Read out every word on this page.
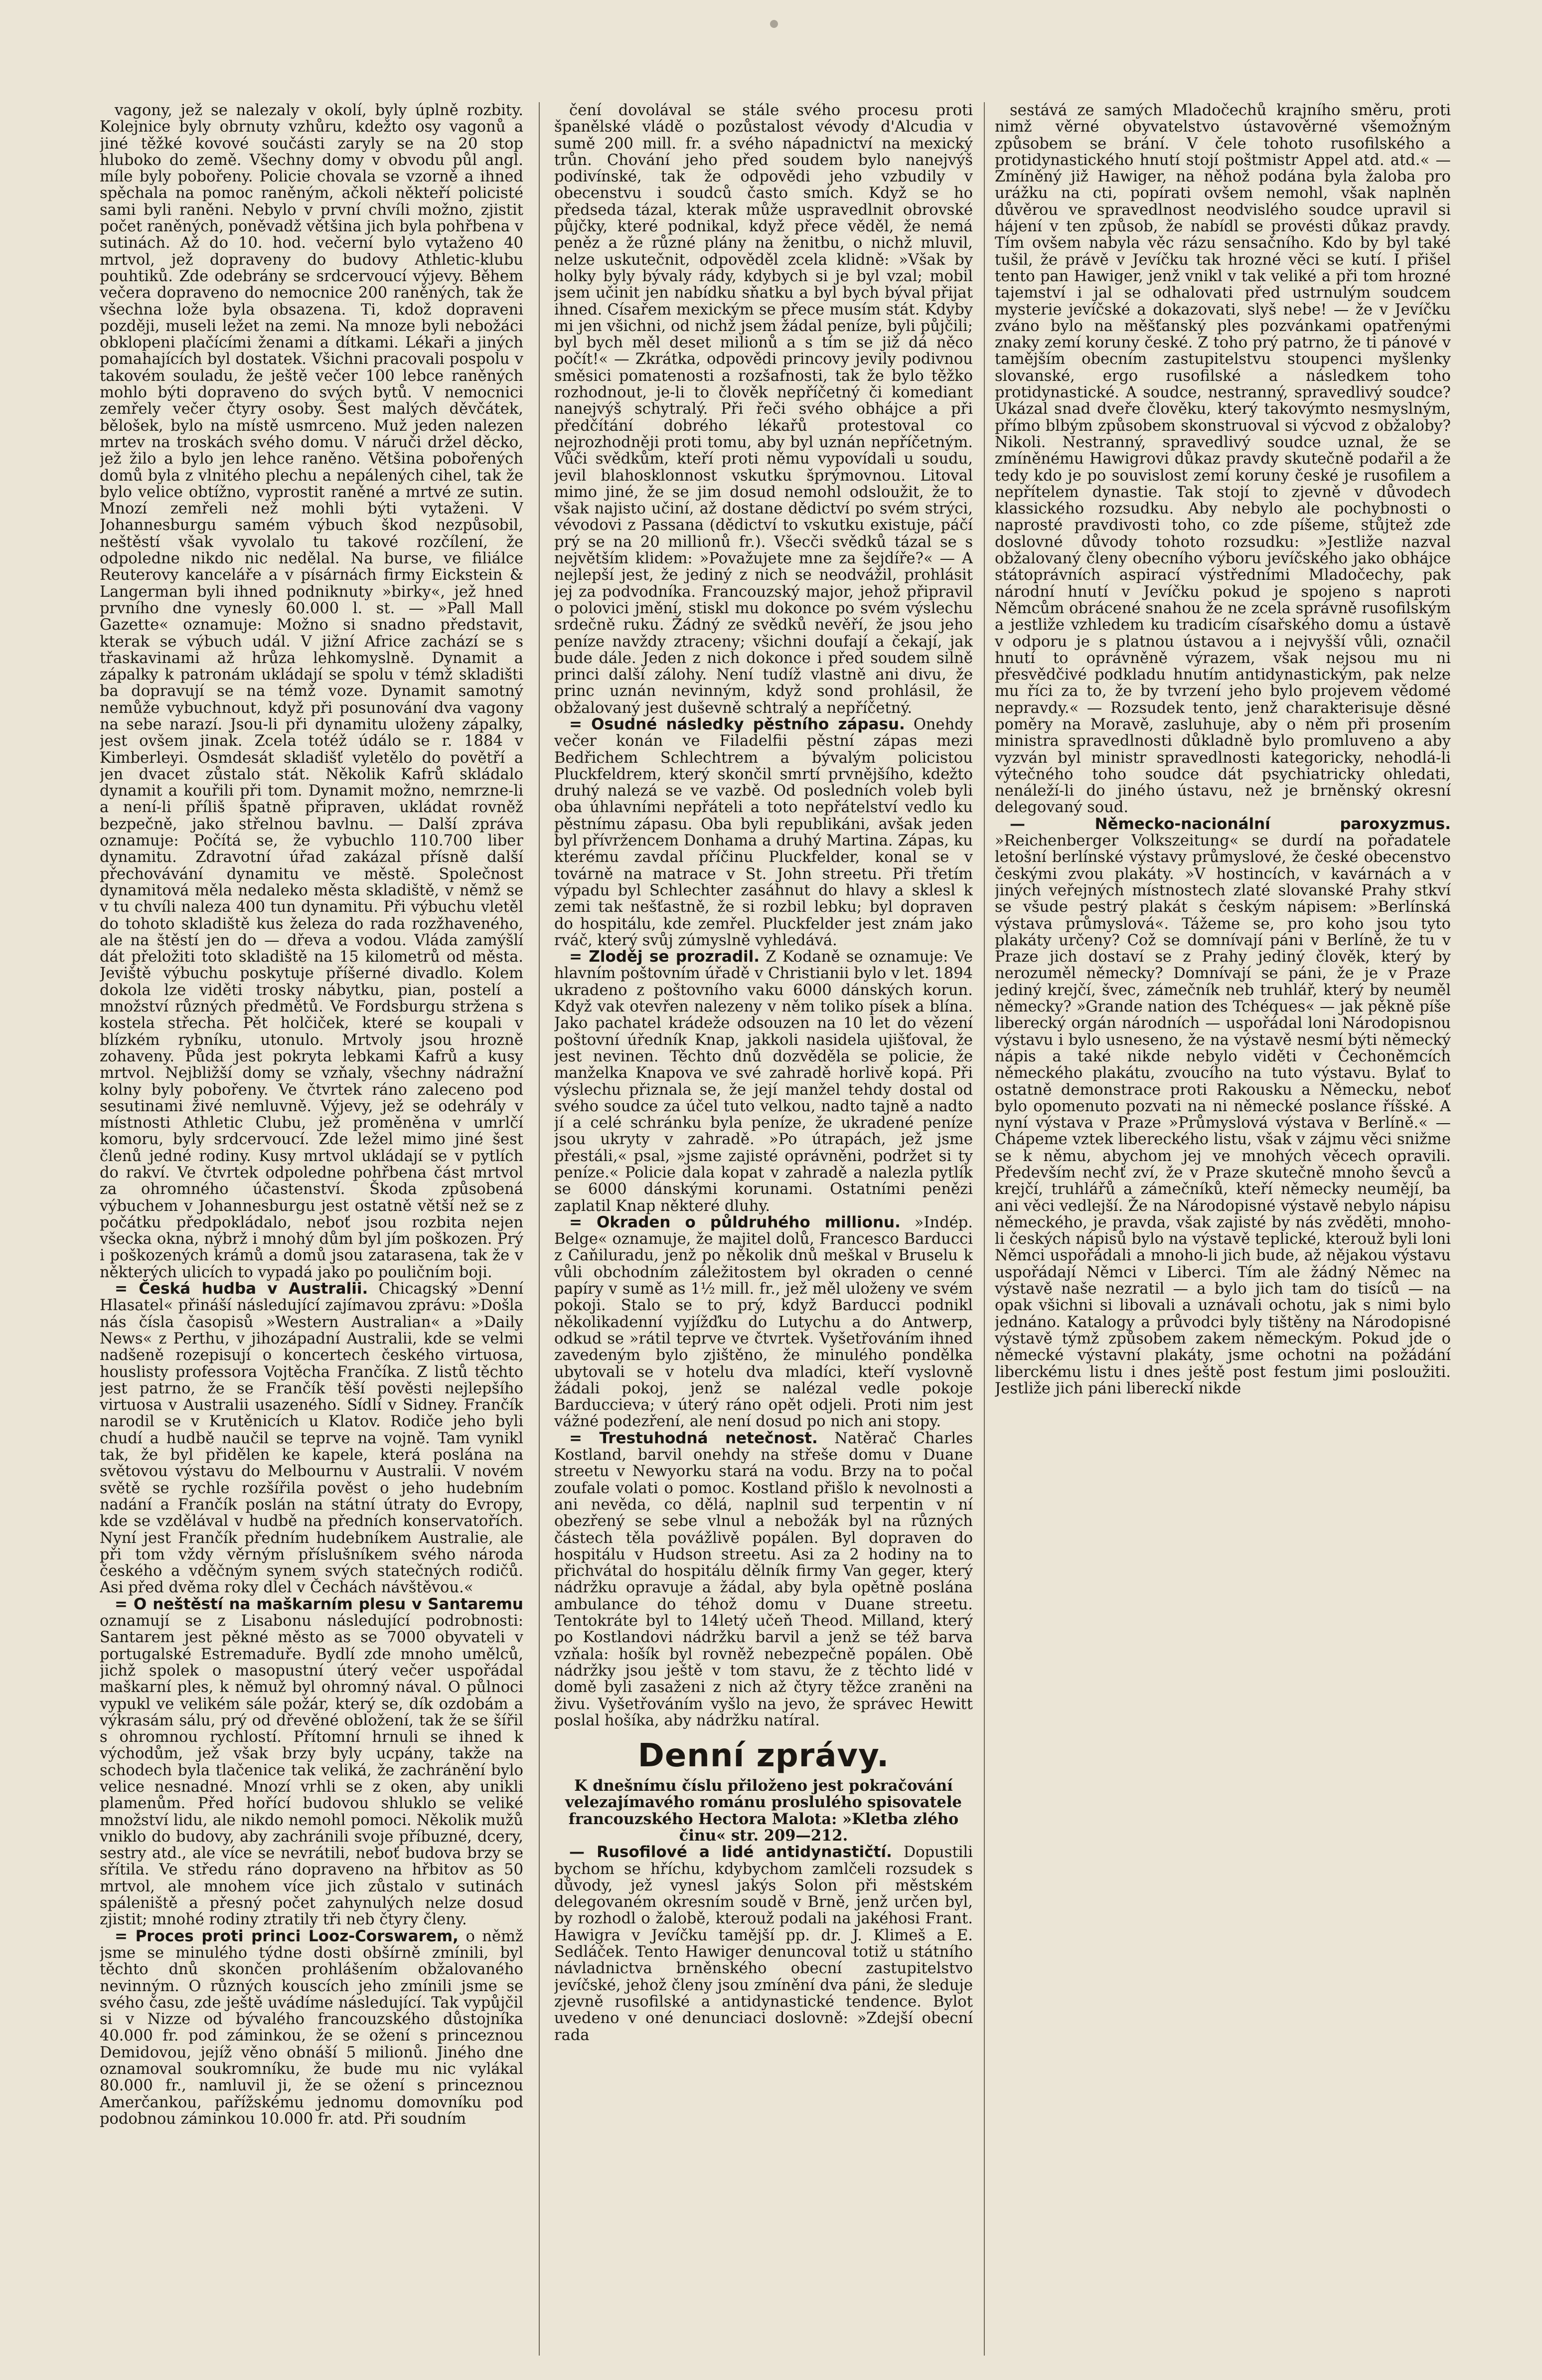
vagony, jež se nalezaly v okolí, byly úplně rozbity. Kolejnice byly obrnuty vzhůru, kdežto osy vagonů a jiné těžké kovové součásti zaryly se na 20 stop hluboko do země. Všechny domy v obvodu půl angl. míle byly pobořeny. Policie chovala se vzorně a ihned spěchala na pomoc raněným, ačkoli někteří policisté sami byli raněni. Nebylo v první chvíli možno, zjistit počet raněných, poněvadž většina jich byla pohřbena v sutinách. Až do 10. hod. večerní bylo vytaženo 40 mrtvol, jež dopraveny do budovy Athletic-klubu pouhtiků. Zde odebrány se srdcervoucí výjevy. Během večera dopraveno do nemocnice 200 raněných, tak že všechna lože byla obsazena. Ti, kdož dopraveni později, museli ležet na zemi. Na mnoze byli nebožáci obklopeni plačícími ženami a dítkami. Lékaři a jiných pomahajících byl dostatek. Všichni pracovali pospolu v takovém souladu, že ještě večer 100 lebce raněných mohlo býti dopraveno do svých bytů. V nemocnici zemřely večer čtyry osoby. Šest malých děvčátek, bělošek, bylo na místě usmrceno. Muž jeden nalezen mrtev na troskách svého domu. V náruči držel děcko, jež žilo a bylo jen lehce raněno. Většina pobořených domů byla z vlnitého plechu a nepálených cihel, tak že bylo velice obtížno, vyprostit raněné a mrtvé ze sutin. Mnozí zemřeli než mohli býti vytaženi. V Johannesburgu samém výbuch škod nezpůsobil, neštěstí však vyvolalo tu takové rozčílení, že odpoledne nikdo nic nedělal. Na burse, ve filiálce Reuterovy kanceláře a v písárnách firmy Eickstein & Langerman byli ihned podniknuty »birky«, jež hned prvního dne vynesly 60.000 l. st. — »Pall Mall Gazette« oznamuje: Možno si snadno představit, kterak se výbuch udál. V jižní Africe zachází se s třaskavinami až hrůza lehkomyslně. Dynamit a zápalky k patronám ukládají se spolu v témž skladišti ba dopravují se na témž voze. Dynamit samotný nemůže vybuchnout, když při posunování dva vagony na sebe narazí. Jsou-li při dynamitu uloženy zápalky, jest ovšem jinak. Zcela totéž údálo se r. 1884 v Kimberleyi. Osmdesát skladišť vyletělo do povětří a jen dvacet zůstalo stát. Několik Kafrů skládalo dynamit a kouřili při tom. Dynamit možno, nemrzne-li a není-li příliš špatně připraven, ukládat rovněž bezpečně, jako střelnou bavlnu. — Další zpráva oznamuje: Počítá se, že vybuchlo 110.700 liber dynamitu. Zdravotní úřad zakázal přísně další přechovávání dynamitu ve městě. Společnost dynamitová měla nedaleko města skladiště, v němž se v tu chvíli naleza 400 tun dynamitu. Při výbuchu vletěl do tohoto skladiště kus železa do rada rozžhaveného, ale na štěstí jen do — dřeva a vodou. Vláda zamýšlí dát přeložiti toto skladiště na 15 kilometrů od města. Jeviště výbuchu poskytuje příšerné divadlo. Kolem dokola lze viděti trosky nábytku, pian, postelí a množství různých předmětů. Ve Fordsburgu stržena s kostela střecha. Pět holčiček, které se koupali v blízkém rybníku, utonulo. Mrtvoly jsou hrozně zohaveny. Půda jest pokryta lebkami Kafrů a kusy mrtvol. Nejbližší domy se vzňaly, všechny nádražní kolny byly pobořeny. Ve čtvrtek ráno zaleceno pod sesutinami živé nemluvně. Výjevy, jež se odehrály v místnosti Athletic Clubu, jež proměněna v umrlčí komoru, byly srdcervoucí. Zde ležel mimo jiné šest členů jedné rodiny. Kusy mrtvol ukládají se v pytlích do rakví. Ve čtvrtek odpoledne pohřbena část mrtvol za ohromného účastenství. Škoda způsobená výbuchem v Johannesburgu jest ostatně větší než se z počátku předpokládalo, neboť jsou rozbita nejen všecka okna, nýbrž i mnohý dům byl jím poškozen. Prý i poškozených krámů a domů jsou zatarasena, tak že v některých ulicích to vypadá jako po pouličním boji.

= Česká hudba v Australii. Chicagský »Denní Hlasatel« přináší následující zajímavou zprávu: »Došla nás čísla časopisů »Western Australian« a »Daily News« z Perthu, v jihozápadní Australii, kde se velmi nadšeně rozepisují o koncertech českého virtuosa, houslisty professora Vojtěcha Frančíka. Z listů těchto jest patrno, že se Frančík těší pověsti nejlepšího virtuosa v Australii usazeného. Sídlí v Sidney. Frančík narodil se v Krutěnicích u Klatov. Rodiče jeho byli chudí a hudbě naučil se teprve na vojně. Tam vynikl tak, že byl přidělen ke kapele, která poslána na světovou výstavu do Melbournu v Australii. V novém světě se rychle rozšířila pověst o jeho hudebním nadání a Frančík poslán na státní útraty do Evropy, kde se vzdělával v hudbě na předních konservatořích. Nyní jest Frančík předním hudebníkem Australie, ale při tom vždy věrným příslušníkem svého národa českého a vděčným synem svých statečných rodičů. Asi před dvěma roky dlel v Čechách návštěvou.«

= O neštěstí na maškarním plesu v Santaremu oznamují se z Lisabonu následující podrobnosti: Santarem jest pěkné město as se 7000 obyvateli v portugalské Estremaduře. Bydlí zde mnoho umělců, jichž spolek o masopustní úterý večer uspořádal maškarní ples, k němuž byl ohromný nával. O půlnoci vypukl ve velikém sále požár, který se, dík ozdobám a výkrasám sálu, prý od dřevěné obložení, tak že se šířil s ohromnou rychlostí. Přítomní hrnuli se ihned k východům, jež však brzy byly ucpány, takže na schodech byla tlačenice tak veliká, že zachránění bylo velice nesnadné. Mnozí vrhli se z oken, aby unikli plamenům. Před hořící budovou shluklo se veliké množství lidu, ale nikdo nemohl pomoci. Několik mužů vniklo do budovy, aby zachránili svoje příbuzné, dcery, sestry atd., ale více se nevrátili, neboť budova brzy se sřítila. Ve středu ráno dopraveno na hřbitov as 50 mrtvol, ale mnohem více jich zůstalo v sutinách spáleniště a přesný počet zahynulých nelze dosud zjistit; mnohé rodiny ztratily tři neb čtyry členy.

= Proces proti princi Looz-Corswarem, o němž jsme se minulého týdne dosti obšírně zmínili, byl těchto dnů skončen prohlášením obžalovaného nevinným. O různých kouscích jeho zmínili jsme se svého času, zde ještě uvádíme následující. Tak vypůjčil si v Nizze od bývalého francouzského důstojníka 40.000 fr. pod záminkou, že se ožení s princeznou Demidovou, jejíž věno obnáší 5 milionů. Jiného dne oznamoval soukromníku, že bude mu nic vylákal 80.000 fr., namluvil ji, že se ožení s princeznou Amerčankou, pařížskému jednomu domovníku pod podobnou záminkou 10.000 fr. atd. Při soudním

čení dovolával se stále svého procesu proti španělské vládě o pozůstalost vévody d'Alcudia v sumě 200 mill. fr. a svého nápadnictví na mexický trůn. Chování jeho před soudem bylo nanejvýš podivínské, tak že odpovědi jeho vzbudily v obecenstvu i soudců často smích. Když se ho předseda tázal, kterak může uspravedlnit obrovské půjčky, které podnikal, když přece věděl, že nemá peněz a že různé plány na ženitbu, o nichž mluvil, nelze uskutečnit, odpověděl zcela klidně: »Však by holky byly bývaly rády, kdybych si je byl vzal; mobil jsem učinit jen nabídku sňatku a byl bych býval přijat ihned. Císařem mexickým se přece musím stát. Kdyby mi jen všichni, od nichž jsem žádal peníze, byli půjčili; byl bych měl deset milionů a s tím se již dá něco počít!« — Zkrátka, odpovědi princovy jevily podivnou směsici pomatenosti a rozšafnosti, tak že bylo těžko rozhodnout, je-li to člověk nepříčetný či komediant nanejvýš schytralý. Při řeči svého obhájce a při předčítání dobrého lékařů protestoval co nejrozhodněji proti tomu, aby byl uznán nepříčetným. Vůči svědkům, kteří proti němu vypovídali u soudu, jevil blahosklonnost vskutku šprýmovnou. Litoval mimo jiné, že se jim dosud nemohl odsloužit, že to však najisto učiní, až dostane dědictví po svém strýci, vévodovi z Passana (dědictví to vskutku existuje, páčí prý se na 20 millionů fr.). Všecči svědků tázal se s největším klidem: »Považujete mne za šejdíře?« — A nejlepší jest, že jediný z nich se neodvážil, prohlásit jej za podvodníka. Francouzský major, jehož připravil o polovici jmění, stiskl mu dokonce po svém výslechu srdečně ruku. Žádný ze svědků nevěří, že jsou jeho peníze navždy ztraceny; všichni doufají a čekají, jak bude dále. Jeden z nich dokonce i před soudem silně princi další zálohy. Není tudíž vlastně ani divu, že princ uznán nevinným, když sond prohlásil, že obžalovaný jest duševně schtralý a nepříčetný.

= Osudné následky pěstního zápasu. Onehdy večer konán ve Filadelfii pěstní zápas mezi Bedřichem Schlechtrem a bývalým policistou Pluckfeldrem, který skončil smrtí prvnějšího, kdežto druhý nalezá se ve vazbě. Od posledních voleb byli oba úhlavními nepřáteli a toto nepřátelství vedlo ku pěstnímu zápasu. Oba byli republikáni, avšak jeden byl přívržencem Donhama a druhý Martina. Zápas, ku kterému zavdal příčinu Pluckfelder, konal se v továrně na matrace v St. John streetu. Při třetím výpadu byl Schlechter zasáhnut do hlavy a sklesl k zemi tak nešťastně, že si rozbil lebku; byl dopraven do hospitálu, kde zemřel. Pluckfelder jest znám jako rváč, který svůj zúmyslně vyhledává.

= Zloděj se prozradil. Z Kodaně se oznamuje: Ve hlavním poštovním úřadě v Christianii bylo v let. 1894 ukradeno z poštovního vaku 6000 dánských korun. Když vak otevřen nalezeny v něm toliko písek a blína. Jako pachatel krádeže odsouzen na 10 let do vězení poštovní úředník Knap, jakkoli nasidela ujišťoval, že jest nevinen. Těchto dnů dozvěděla se policie, že manželka Knapova ve své zahradě horlivě kopá. Při výslechu přiznala se, že její manžel tehdy dostal od svého soudce za účel tuto velkou, nadto tajně a nadto jí a celé schránku byla peníze, že ukradené peníze jsou ukryty v zahradě. »Po útrapách, jež jsme přestáli,« psal, »jsme zajisté oprávněni, podržet si ty peníze.« Policie dala kopat v zahradě a nalezla pytlík se 6000 dánskými korunami. Ostatními penězi zaplatil Knap některé dluhy.

= Okraden o půldruhého millionu. »Indép. Belge« oznamuje, že majitel dolů, Francesco Barducci z Caňiluradu, jenž po několik dnů meškal v Bruselu k vůli obchodním záležitostem byl okraden o cenné papíry v sumě as 1½ mill. fr., jež měl uloženy ve svém pokoji. Stalo se to prý, když Barducci podnikl několikadenní vyjížďku do Lutychu a do Antwerp, odkud se »rátil teprve ve čtvrtek. Vyšetřováním ihned zavedeným bylo zjištěno, že minulého pondělka ubytovali se v hotelu dva mladíci, kteří vyslovně žádali pokoj, jenž se nalézal vedle pokoje Barduccieva; v úterý ráno opět odjeli. Proti nim jest vážné podezření, ale není dosud po nich ani stopy.

= Trestuhodná netečnost. Natěrač Charles Kostland, barvil onehdy na střeše domu v Duane streetu v Newyorku stará na vodu. Brzy na to počal zoufale volati o pomoc. Kostland přišlo k nevolnosti a ani nevěda, co dělá, naplnil sud terpentin v ní obezřený se sebe vlnul a nebožák byl na různých částech těla povážlivě popálen. Byl dopraven do hospitálu v Hudson streetu. Asi za 2 hodiny na to přichvátal do hospitálu dělník firmy Van geger, který nádržku opravuje a žádal, aby byla opětně poslána ambulance do téhož domu v Duane streetu. Tentokráte byl to 14letý učeň Theod. Milland, který po Kostlandovi nádržku barvil a jenž se též barva vzňala: hošík byl rovněž nebezpečně popálen. Obě nádržky jsou ještě v tom stavu, že z těchto lidé v domě byli zasaženi z nich až čtyry těžce zraněni na živu. Vyšetřováním vyšlo na jevo, že správec Hewitt poslal hošíka, aby nádržku natíral.

Denní zprávy.

K dnešnímu číslu přiloženo jest pokračování velezajímavého románu proslulého spisovatele francouzského Hectora Malota: »Kletba zlého činu« str. 209—212.

— Rusofilové a lidé antidynastičtí. Dopustili bychom se hříchu, kdybychom zamlčeli rozsudek s důvody, jež vynesl jakýs Solon při městském delegovaném okresním soudě v Brně, jenž určen byl, by rozhodl o žalobě, kterouž podali na jakéhosi Frant. Hawigra v Jevíčku tamější pp. dr. J. Klimeš a E. Sedláček. Tento Hawiger denuncoval totiž u státního návladnictva brněnského obecní zastupitelstvo jevíčské, jehož členy jsou zmínění dva páni, že sleduje zjevně rusofilské a antidynastické tendence. Bylot uvedeno v oné denunciaci doslovně: »Zdejší obecní rada

sestává ze samých Mladočechů krajního směru, proti nimž věrné obyvatelstvo ústavověrné všemožným způsobem se brání. V čele tohoto rusofilského a protidynastického hnutí stojí poštmistr Appel atd. atd.« — Zmíněný již Hawiger, na něhož podána byla žaloba pro urážku na cti, popírati ovšem nemohl, však naplněn důvěrou ve spravedlnost neodvislého soudce upravil si hájení v ten způsob, že nabídl se provésti důkaz pravdy. Tím ovšem nabyla věc rázu sensačního. Kdo by byl také tušil, že právě v Jevíčku tak hrozné věci se kutí. I přišel tento pan Hawiger, jenž vnikl v tak veliké a při tom hrozné tajemství i jal se odhalovati před ustrnulým soudcem mysterie jevíčské a dokazovati, slyš nebe! — že v Jevíčku zváno bylo na měšťanský ples pozvánkami opatřenými znaky zemí koruny české. Z toho prý patrno, že ti pánové v tamějším obecním zastupitelstvu stoupenci myšlenky slovanské, ergo rusofilské a následkem toho protidynastické. A soudce, nestranný, spravedlivý soudce? Ukázal snad dveře člověku, který takovýmto nesmyslným, přímo blbým způsobem skonstruoval si výcvod z obžaloby? Nikoli. Nestranný, spravedlivý soudce uznal, že se zmíněnému Hawigrovi důkaz pravdy skutečně podařil a že tedy kdo je po souvislost zemí koruny české je rusofilem a nepřítelem dynastie. Tak stojí to zjevně v důvodech klassického rozsudku. Aby nebylo ale pochybnosti o naprosté pravdivosti toho, co zde píšeme, stůjtež zde doslovné důvody tohoto rozsudku: »Jestliže nazval obžalovaný členy obecního výboru jevíčského jako obhájce státoprávních aspirací výstředními Mladočechy, pak národní hnutí v Jevíčku pokud je spojeno s naproti Němcům obrácené snahou že ne zcela správně rusofilským a jestliže vzhledem ku tradicím císařského domu a ústavě v odporu je s platnou ústavou a i nejvyšší vůli, označil hnutí to oprávněně výrazem, však nejsou mu ni přesvědčivé podkladu hnutím antidynastickým, pak nelze mu říci za to, že by tvrzení jeho bylo projevem vědomé nepravdy.« — Rozsudek tento, jenž charakterisuje děsné poměry na Moravě, zasluhuje, aby o něm při prosením ministra spravedlnosti důkladně bylo promluveno a aby vyzván byl ministr spravedlnosti kategoricky, nehodlá-li výtečného toho soudce dát psychiatricky ohledati, nenáleží-li do jiného ústavu, než je brněnský okresní delegovaný soud.

— Německo-nacionální paroxyzmus. »Reichenberger Volkszeitung« se durdí na pořadatele letošní berlínské výstavy průmyslové, že české obecenstvo českými zvou plakáty. »V hostincích, v kavárnách a v jiných veřejných místnostech zlaté slovanské Prahy stkví se všude pestrý plakát s českým nápisem: »Berlínská výstava průmyslová«. Tážeme se, pro koho jsou tyto plakáty určeny? Což se domnívají páni v Berlíně, že tu v Praze jich dostaví se z Prahy jediný člověk, který by nerozuměl německy? Domnívají se páni, že je v Praze jediný krejčí, švec, zámečník neb truhlář, který by neuměl německy? »Grande nation des Tchéques« — jak pěkně píše liberecký orgán národních — uspořádal loni Národopisnou výstavu i bylo usneseno, že na výstavě nesmí býti německý nápis a také nikde nebylo viděti v Čechoněmcích německého plakátu, zvoucího na tuto výstavu. Bylať to ostatně demonstrace proti Rakousku a Německu, neboť bylo opomenuto pozvati na ni německé poslance říšské. A nyní výstava v Praze »Průmyslová výstava v Berlíně.« — Chápeme vztek libereckého listu, však v zájmu věci snižme se k němu, abychom jej ve mnohých věcech opravili. Především nechť zví, že v Praze skutečně mnoho ševců a krejčí, truhlářů a zámečníků, kteří německy neumějí, ba ani věci vedlejší. Že na Národopisné výstavě nebylo nápisu německého, je pravda, však zajisté by nás zvěděti, mnoho-li českých nápisů bylo na výstavě teplické, kterouž byli loni Němci uspořádali a mnoho-li jich bude, až nějakou výstavu uspořádají Němci v Liberci. Tím ale žádný Němec na výstavě naše nezratil — a bylo jich tam do tisíců — na opak všichni si libovali a uznávali ochotu, jak s nimi bylo jednáno. Katalogy a průvodci byly tištěny na Národopisné výstavě týmž způsobem zakem německým. Pokud jde o německé výstavní plakáty, jsme ochotni na požádání liberckému listu i dnes ještě post festum jimi posloužiti. Jestliže jich páni libereckí nikde
